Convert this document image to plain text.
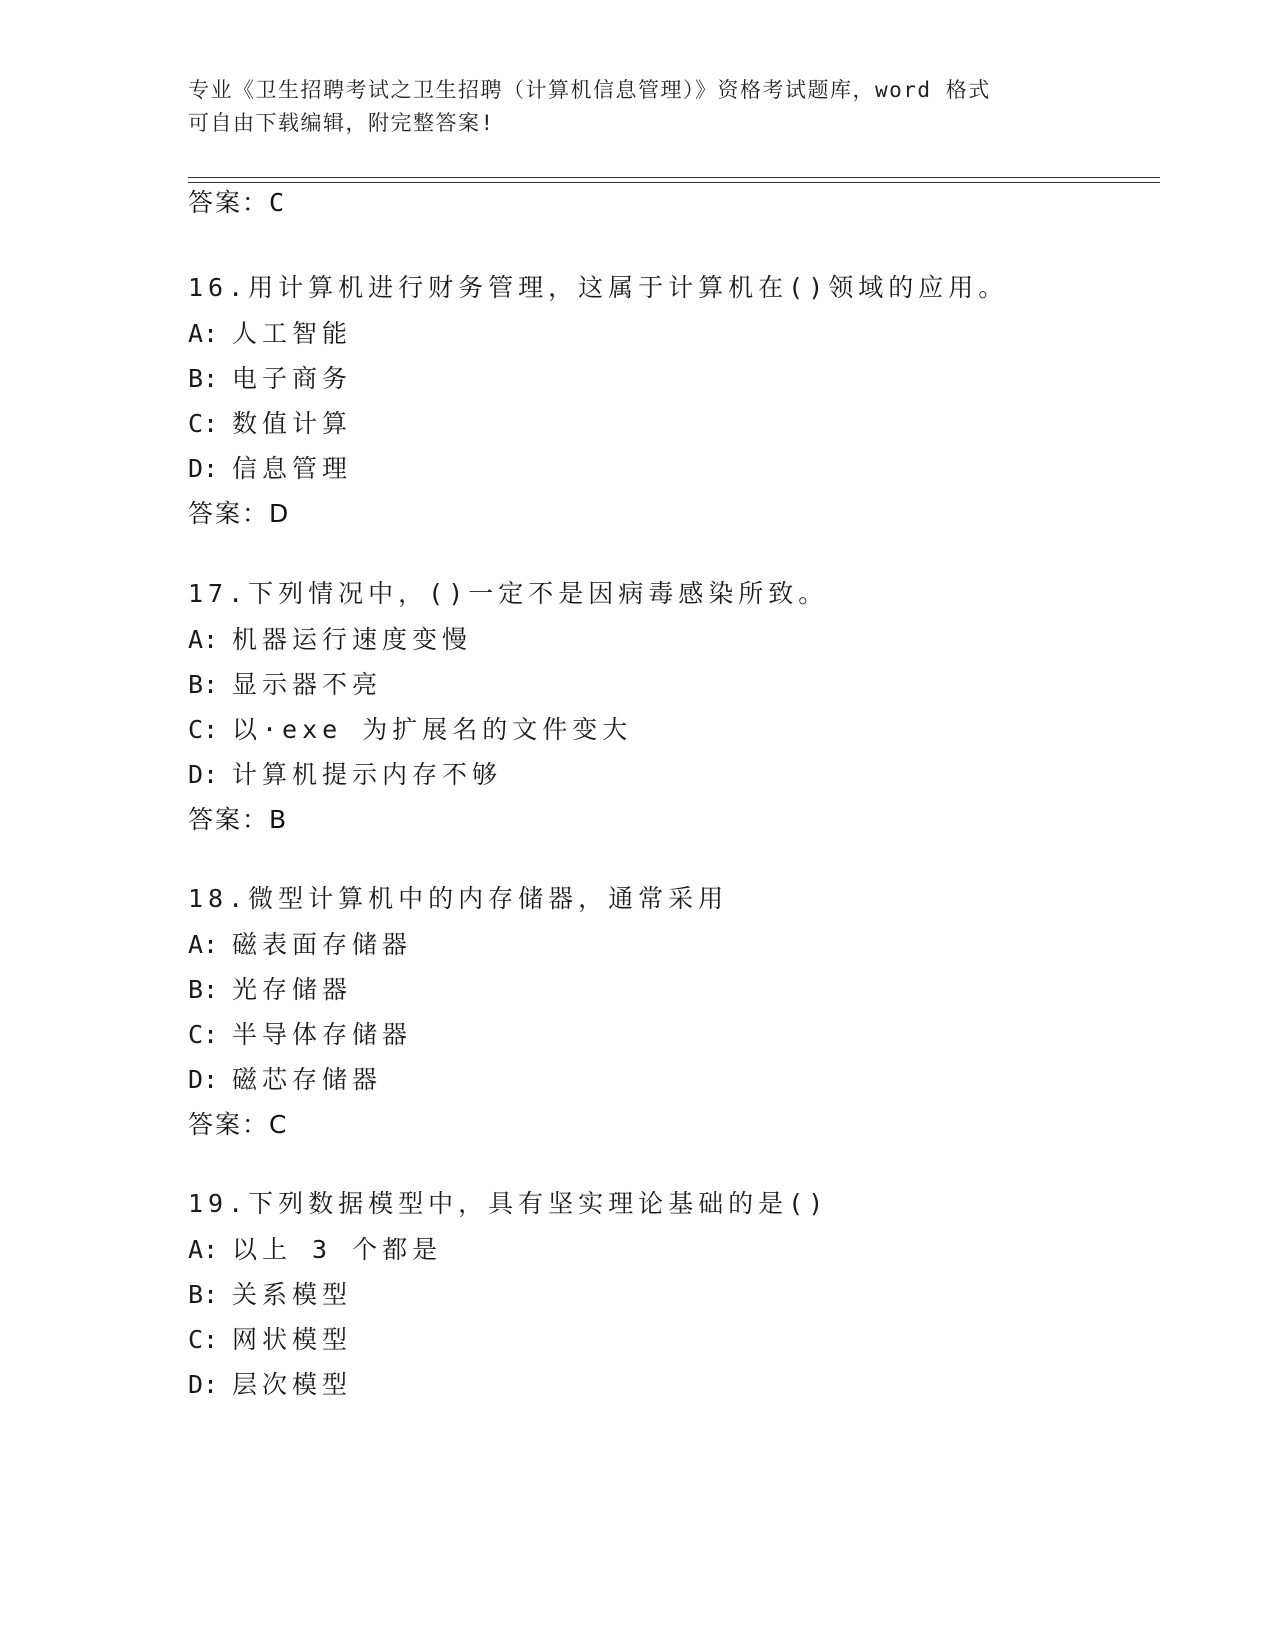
专业《卫生招聘考试之卫生招聘（计算机信息管理）》资格考试题库，word 格式
可自由下载编辑，附完整答案!
答案：C
16.用计算机进行财务管理，这属于计算机在()领域的应用。
A: 人工智能
B: 电子商务
C: 数值计算
D: 信息管理
答案：D
17.下列情况中，()一定不是因病毒感染所致。
A: 机器运行速度变慢
B: 显示器不亮
C: 以·exe 为扩展名的文件变大
D: 计算机提示内存不够
答案：B
18.微型计算机中的内存储器，通常采用
A: 磁表面存储器
B: 光存储器
C: 半导体存储器
D: 磁芯存储器
答案：C
19.下列数据模型中，具有坚实理论基础的是()
A: 以上 3 个都是
B: 关系模型
C: 网状模型
D: 层次模型
